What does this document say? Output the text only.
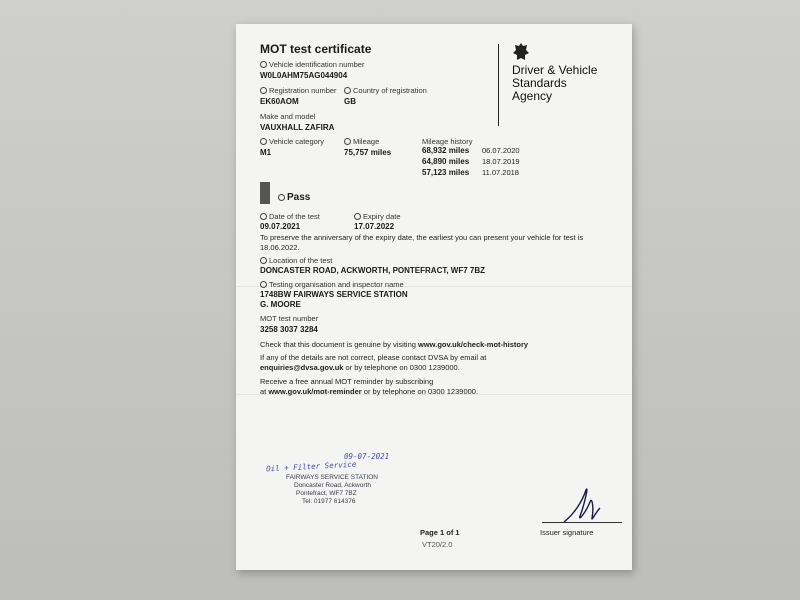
MOT test certificate
Vehicle identification number
W0L0AHM75AG044904
Registration number
EK60AOM
Country of registration
GB
Make and model
VAUXHALL ZAFIRA
Vehicle category
M1
Mileage
75,757 miles
Mileage history
68,932 miles 06.07.2020
64,890 miles 18.07.2019
57,123 miles 11.07.2018
Pass
Date of the test
09.07.2021
Expiry date
17.07.2022
To preserve the anniversary of the expiry date, the earliest you can present your vehicle for test is
18.06.2022.
Location of the test
DONCASTER ROAD, ACKWORTH, PONTEFRACT, WF7 7BZ
Testing organisation and inspector name
1748BW FAIRWAYS SERVICE STATION
G. MOORE
MOT test number
3258 3037 3284
Check that this document is genuine by visiting www.gov.uk/check-mot-history
If any of the details are not correct, please contact DVSA by email at
enquiries@dvsa.gov.uk or by telephone on 0300 1239000.
Receive a free annual MOT reminder by subscribing
at www.gov.uk/mot-reminder or by telephone on 0300 1239000.
Driver & Vehicle
Standards
Agency
09-07-2021
Oil + Filter Service
FAIRWAYS SERVICE STATION
Doncaster Road, Ackworth
Pontefract, WF7 7BZ
Tel: 01977 614376
Page 1 of 1
VT20/2.0
Issuer signature
